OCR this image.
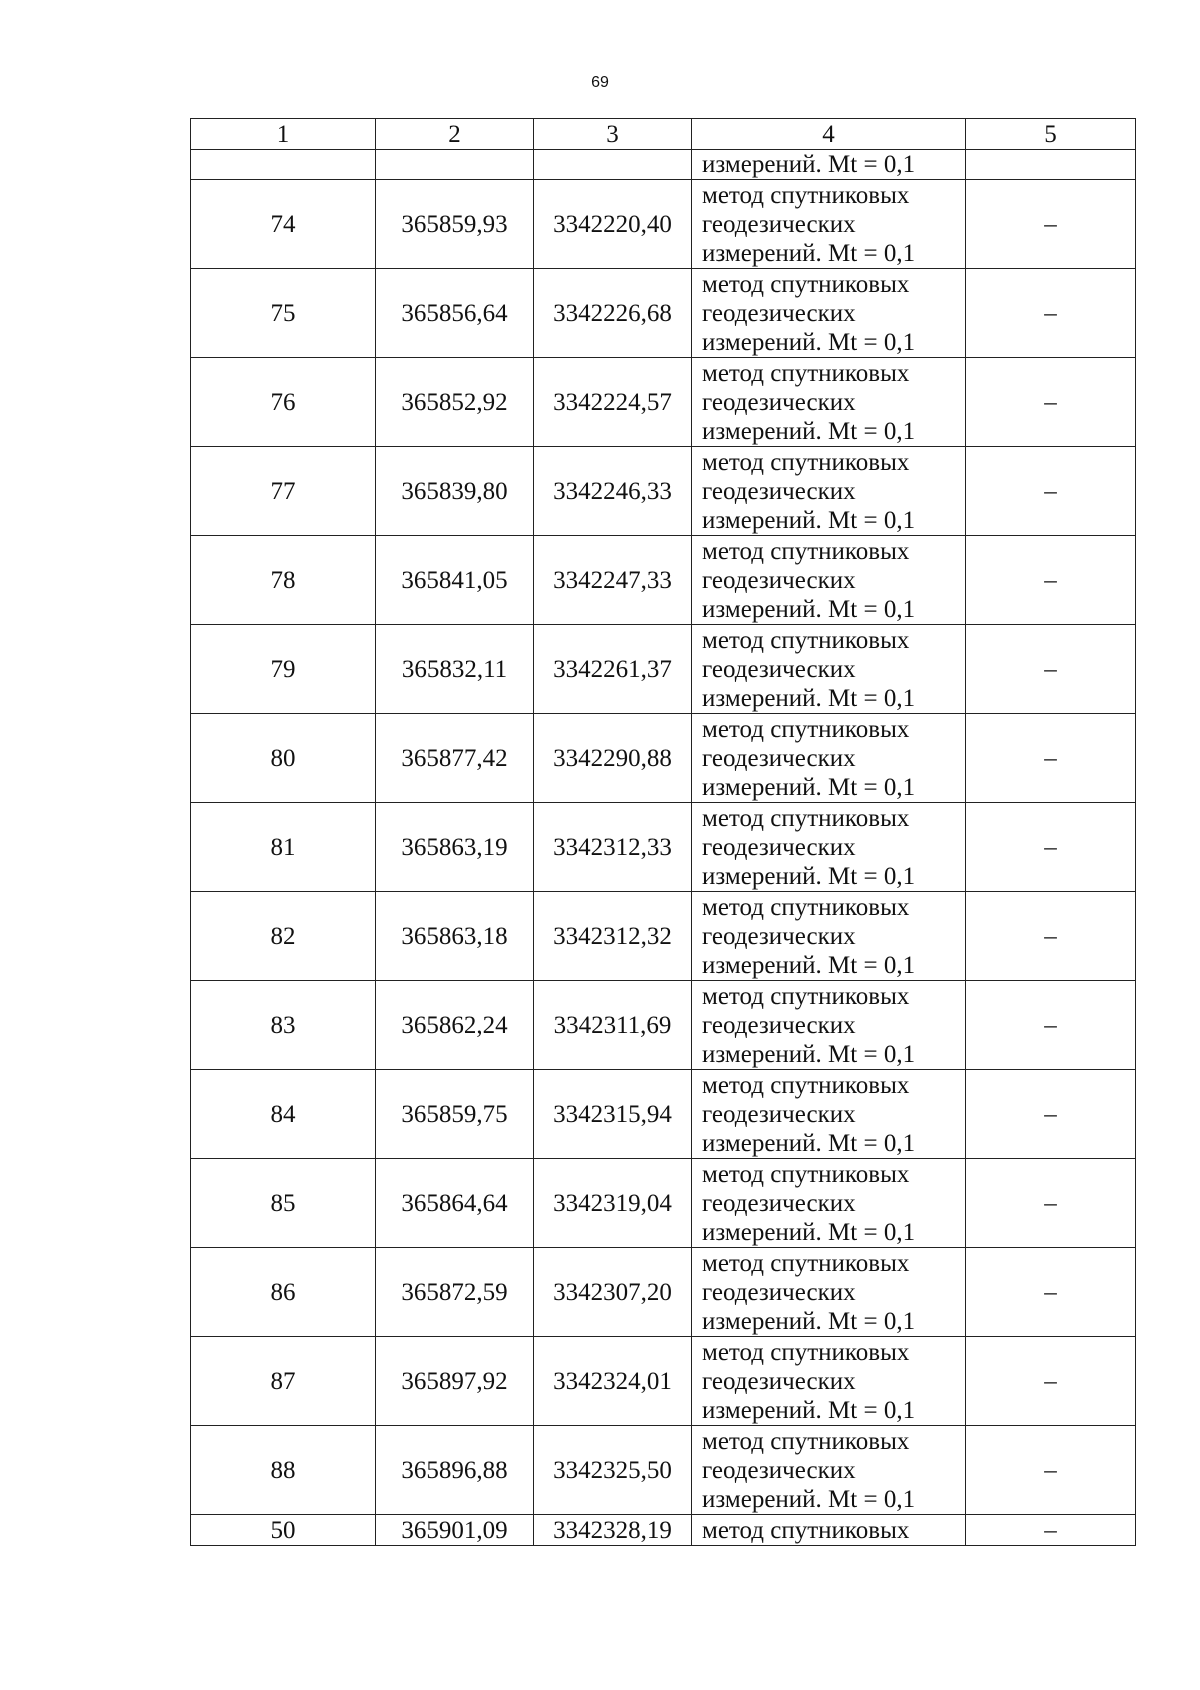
69
1	2	3	4	5
			измерений. Mt = 0,1	
74	365859,93	3342220,40	метод спутниковых
геодезических
измерений. Mt = 0,1	–
75	365856,64	3342226,68	метод спутниковых
геодезических
измерений. Mt = 0,1	–
76	365852,92	3342224,57	метод спутниковых
геодезических
измерений. Mt = 0,1	–
77	365839,80	3342246,33	метод спутниковых
геодезических
измерений. Mt = 0,1	–
78	365841,05	3342247,33	метод спутниковых
геодезических
измерений. Mt = 0,1	–
79	365832,11	3342261,37	метод спутниковых
геодезических
измерений. Mt = 0,1	–
80	365877,42	3342290,88	метод спутниковых
геодезических
измерений. Mt = 0,1	–
81	365863,19	3342312,33	метод спутниковых
геодезических
измерений. Mt = 0,1	–
82	365863,18	3342312,32	метод спутниковых
геодезических
измерений. Mt = 0,1	–
83	365862,24	3342311,69	метод спутниковых
геодезических
измерений. Mt = 0,1	–
84	365859,75	3342315,94	метод спутниковых
геодезических
измерений. Mt = 0,1	–
85	365864,64	3342319,04	метод спутниковых
геодезических
измерений. Mt = 0,1	–
86	365872,59	3342307,20	метод спутниковых
геодезических
измерений. Mt = 0,1	–
87	365897,92	3342324,01	метод спутниковых
геодезических
измерений. Mt = 0,1	–
88	365896,88	3342325,50	метод спутниковых
геодезических
измерений. Mt = 0,1	–
50	365901,09	3342328,19	метод спутниковых	–
